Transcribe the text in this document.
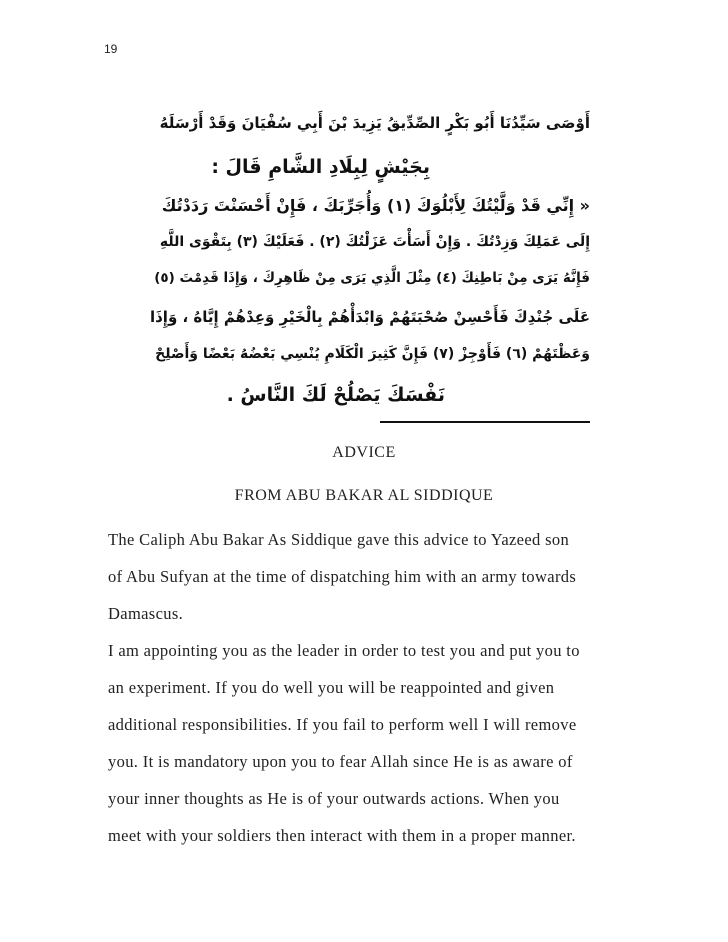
19
أَوْصَى سَيِّدُنَا أَبُو بَكْرٍ الصِّدِّيقُ يَزِيدَ بْنَ أَبِي سُفْيَانَ وَقَدْ أَرْسَلَهُ
بِجَيْشٍ لِبِلَادِ الشَّامِ قَالَ :
« إِنِّي قَدْ وَلَّيْتُكَ لِأَبْلُوَكَ (١) وَأُجَرِّبَكَ ، فَإِنْ أَحْسَنْتَ رَدَدْتُكَ
إِلَى عَمَلِكَ وَزِدْتُكَ . وَإِنْ أَسَأْتَ عَزَلْتُكَ (٢) . فَعَلَيْكَ (٣) بِتَقْوَى اللَّهِ
فَإِنَّهُ يَرَى مِنْ بَاطِنِكَ (٤) مِثْلَ الَّذِي يَرَى مِنْ ظَاهِرِكَ ، وَإِذَا قَدِمْتَ (٥)
عَلَى جُنْدِكَ فَأَحْسِنْ صُحْبَتَهُمْ وَابْدَأْهُمْ بِالْخَيْرِ وَعِدْهُمْ إِيَّاهُ ، وَإِذَا
وَعَظْتَهُمْ (٦) فَأَوْجِزْ (٧) فَإِنَّ كَثِيرَ الْكَلَامِ يُنْسِي بَعْضُهُ بَعْضًا وَأَصْلِحْ
نَفْسَكَ يَصْلُحْ لَكَ النَّاسُ .
ADVICE
FROM ABU BAKAR AL SIDDIQUE
The Caliph Abu Bakar As Siddique gave this advice to Yazeed son
of Abu Sufyan at the time of dispatching him with an army towards
Damascus.
I am appointing you as the leader in order to test you and put you to
an experiment. If you do well you will be reappointed and given
additional responsibilities. If you fail to perform well I will remove
you. It is mandatory upon you to fear Allah since He is as aware of
your inner thoughts as He is of your outwards actions. When you
meet with your soldiers then interact with them in a proper manner.
